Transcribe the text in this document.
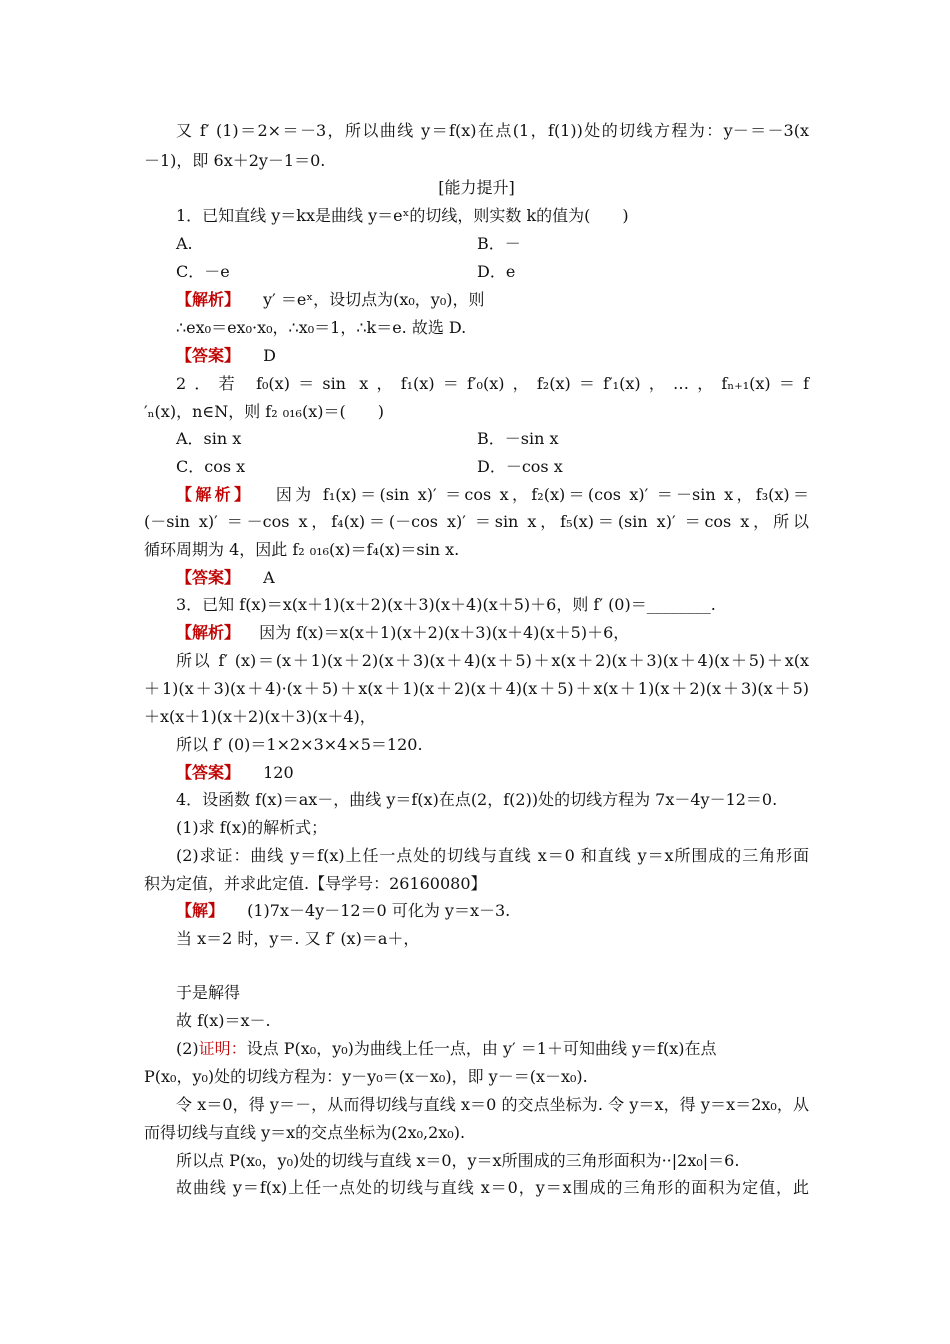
又 f′ (1)＝2×＝－3，所以曲线 y＝f(x)在点(1，f(1))处的切线方程为：y－＝－3(x
－1)，即 6x＋2y－1＝0.
[能力提升]
1．已知直线 y＝kx是曲线 y＝eˣ的切线，则实数 k的值为(　　)
A.	B．－
C．－e	D．e
【解析】 y′ ＝eˣ，设切点为(x₀，y₀)，则
∴ex₀＝ex₀·x₀，∴x₀＝1，∴k＝e. 故选 D.
【答案】 D
2．若 f₀(x)＝sin x，f₁(x)＝f′₀(x)，f₂(x)＝f′₁(x)，…，fₙ₊₁(x)＝f
′ₙ(x)，n∈N，则 f₂ ₀₁₆(x)＝(　　)
A．sin x	B．－sin x
C．cos x	D．－cos x
【解析】 因为 f₁(x)＝(sin x)′ ＝cos x，f₂(x)＝(cos x)′ ＝－sin x，f₃(x)＝
(－sin x)′ ＝－cos x，f₄(x)＝(－cos x)′ ＝sin x，f₅(x)＝(sin x)′ ＝cos x，所以
循环周期为 4，因此 f₂ ₀₁₆(x)＝f₄(x)＝sin x.
【答案】 A
3．已知 f(x)＝x(x＋1)(x＋2)(x＋3)(x＋4)(x＋5)＋6，则 f′ (0)＝________.
【解析】 因为 f(x)＝x(x＋1)(x＋2)(x＋3)(x＋4)(x＋5)＋6，
所以 f′ (x)＝(x＋1)(x＋2)(x＋3)(x＋4)(x＋5)＋x(x＋2)(x＋3)(x＋4)(x＋5)＋x(x
＋1)(x＋3)(x＋4)·(x＋5)＋x(x＋1)(x＋2)(x＋4)(x＋5)＋x(x＋1)(x＋2)(x＋3)(x＋5)
＋x(x＋1)(x＋2)(x＋3)(x＋4)，
所以 f′ (0)＝1×2×3×4×5＝120.
【答案】 120
4．设函数 f(x)＝ax－，曲线 y＝f(x)在点(2，f(2))处的切线方程为 7x－4y－12＝0.
(1)求 f(x)的解析式；
(2)求证：曲线 y＝f(x)上任一点处的切线与直线 x＝0 和直线 y＝x所围成的三角形面
积为定值，并求此定值.【导学号：26160080】
【解】 (1)7x－4y－12＝0 可化为 y＝x－3.
当 x＝2 时，y＝. 又 f′ (x)＝a＋，
于是解得
故 f(x)＝x－.
(2)证明：设点 P(x₀，y₀)为曲线上任一点，由 y′ ＝1＋可知曲线 y＝f(x)在点
P(x₀，y₀)处的切线方程为：y－y₀＝(x－x₀)，即 y－＝(x－x₀).
令 x＝0，得 y＝－，从而得切线与直线 x＝0 的交点坐标为. 令 y＝x，得 y＝x＝2x₀，从
而得切线与直线 y＝x的交点坐标为(2x₀,2x₀).
所以点 P(x₀，y₀)处的切线与直线 x＝0，y＝x所围成的三角形面积为··|2x₀|＝6.
故曲线 y＝f(x)上任一点处的切线与直线 x＝0，y＝x围成的三角形的面积为定值，此
